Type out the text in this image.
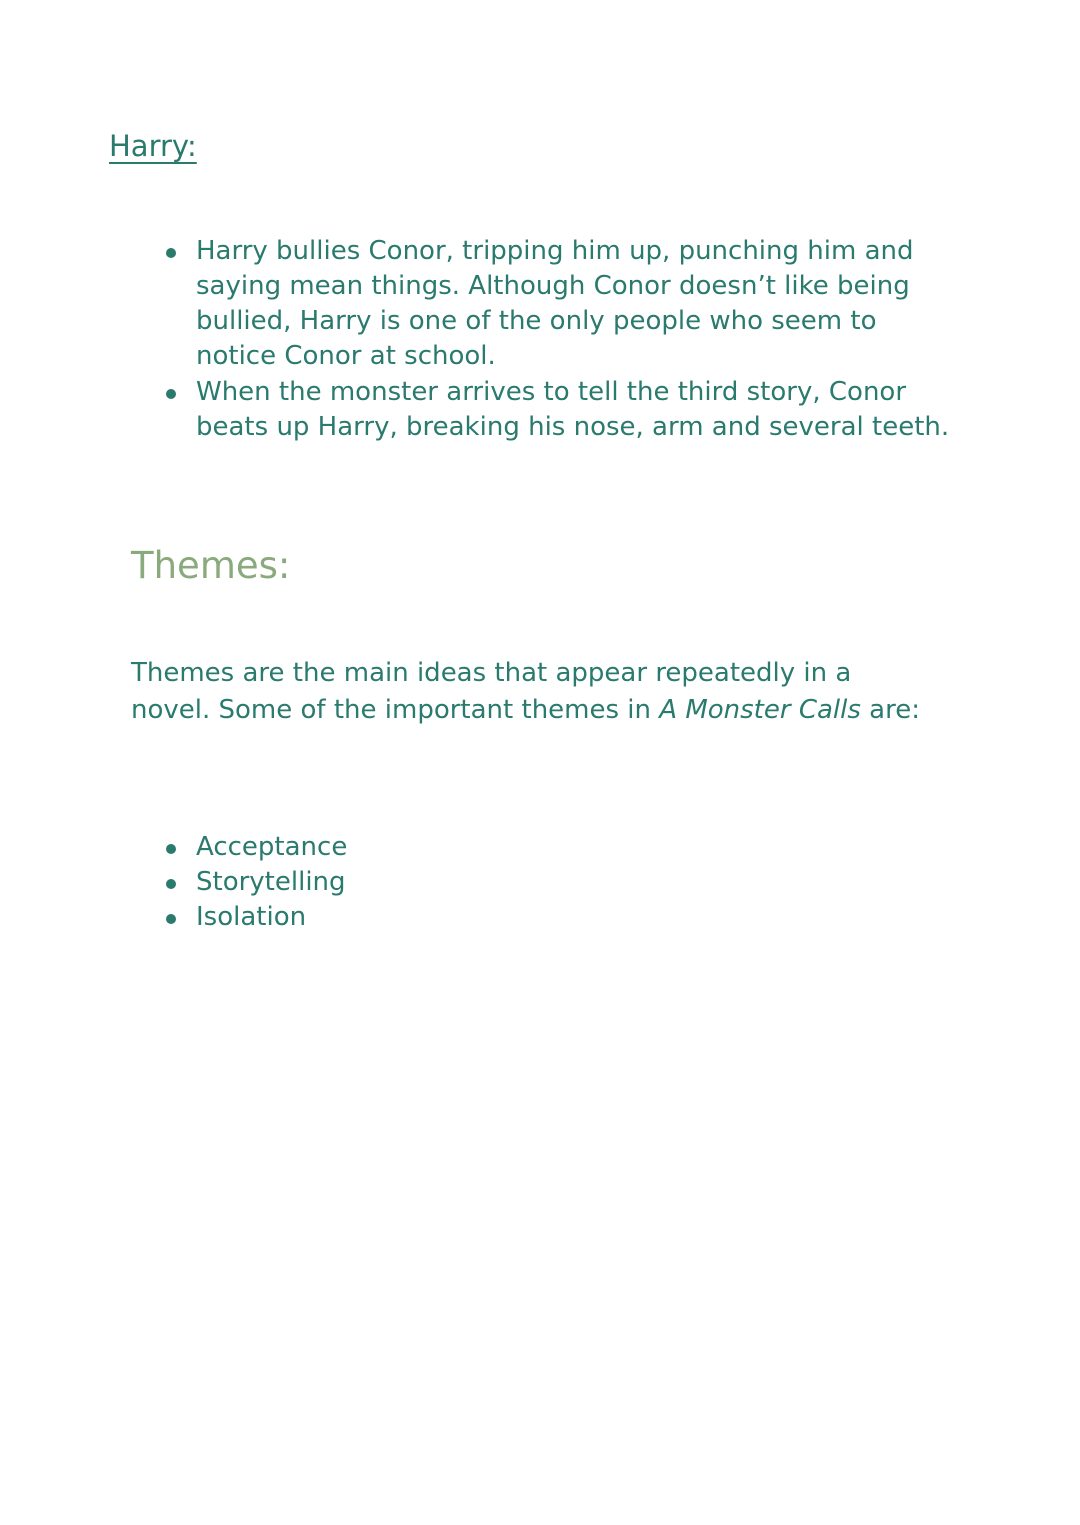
Harry:
Harry bullies Conor, tripping him up, punching him and saying mean things. Although Conor doesn’t like being bullied, Harry is one of the only people who seem to notice Conor at school.
When the monster arrives to tell the third story, Conor beats up Harry, breaking his nose, arm and several teeth.
Themes:

Themes are the main ideas that appear repeatedly in a novel. Some of the important themes in A Monster Calls are:

Acceptance
Storytelling
Isolation
